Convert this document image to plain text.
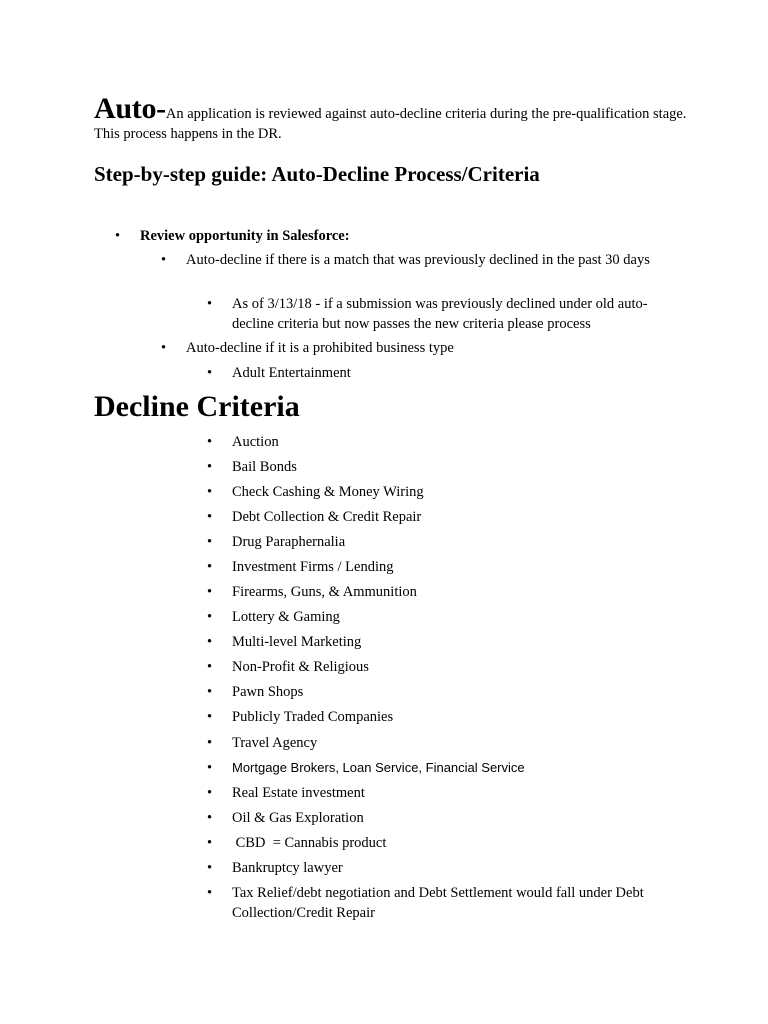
Auto-An application is reviewed against auto-decline criteria during the pre-qualification stage. This process happens in the DR.
Step-by-step guide: Auto-Decline Process/Criteria
• Review opportunity in Salesforce:
• Auto-decline if there is a match that was previously declined in the past 30 days
• As of 3/13/18 - if a submission was previously declined under old auto-decline criteria but now passes the new criteria please process
• Auto-decline if it is a prohibited business type
• Adult Entertainment
Decline Criteria
• Auction
• Bail Bonds
• Check Cashing & Money Wiring
• Debt Collection & Credit Repair
• Drug Paraphernalia
• Investment Firms / Lending
• Firearms, Guns, & Ammunition
• Lottery & Gaming
• Multi-level Marketing
• Non-Profit & Religious
• Pawn Shops
• Publicly Traded Companies
• Travel Agency
• Mortgage Brokers, Loan Service, Financial Service
• Real Estate investment
• Oil & Gas Exploration
• CBD  = Cannabis product
• Bankruptcy lawyer
• Tax Relief/debt negotiation and Debt Settlement would fall under Debt Collection/Credit Repair
